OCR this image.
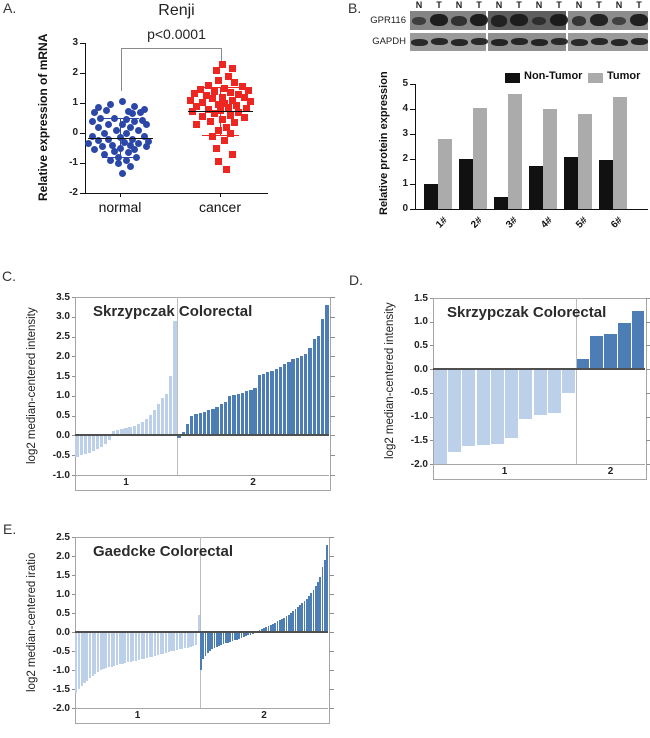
A.	B.
C.	D.
E.
Renji
p<0.0001
Relative expression of mRNA	3
2
1
0
-1
-2
normal	cancer
N	T	N	T	N	T	N	T	N	T	N	T
GPR116
GAPDH
Non-Tumor Tumor
Relative protein expression	0
1
2
3
4
5
1#	2#	3#	4#	5#	6#
3.5
3.0
2.5
2.0
1.5
1.0
0.5
0.0
-0.5
-1.0
log2 median-centered intensity	Skrzypczak Colorectal
1	2
1.5
1.0
0.5
0.0
-0.5
-1.0
-1.5
-2.0
log2 median-centered intensity	Skrzypczak Colorectal
1	2
2.5
2.0
1.5
1.0
0.5
0.0
-0.5
-1.0
-1.5
-2.0
log2 median-centered iratio
Gaedcke Colorectal
1	2
